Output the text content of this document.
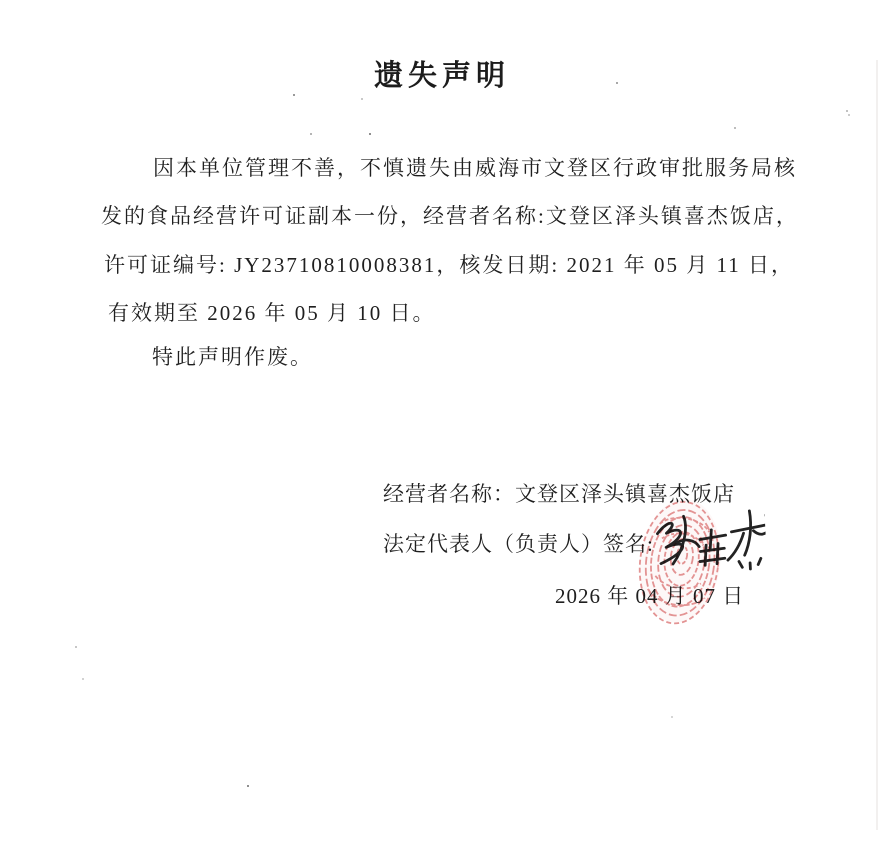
遗失声明
因本单位管理不善，不慎遗失由威海市文登区行政审批服务局核
发的食品经营许可证副本一份，经营者名称:文登区泽头镇喜杰饭店，
许可证编号: JY23710810008381，核发日期: 2021 年 05 月 11 日，
有效期至 2026 年 05 月 10 日。
特此声明作废。
经营者名称：文登区泽头镇喜杰饭店
法定代表人（负责人）签名:
2026 年 04 月 07 日
